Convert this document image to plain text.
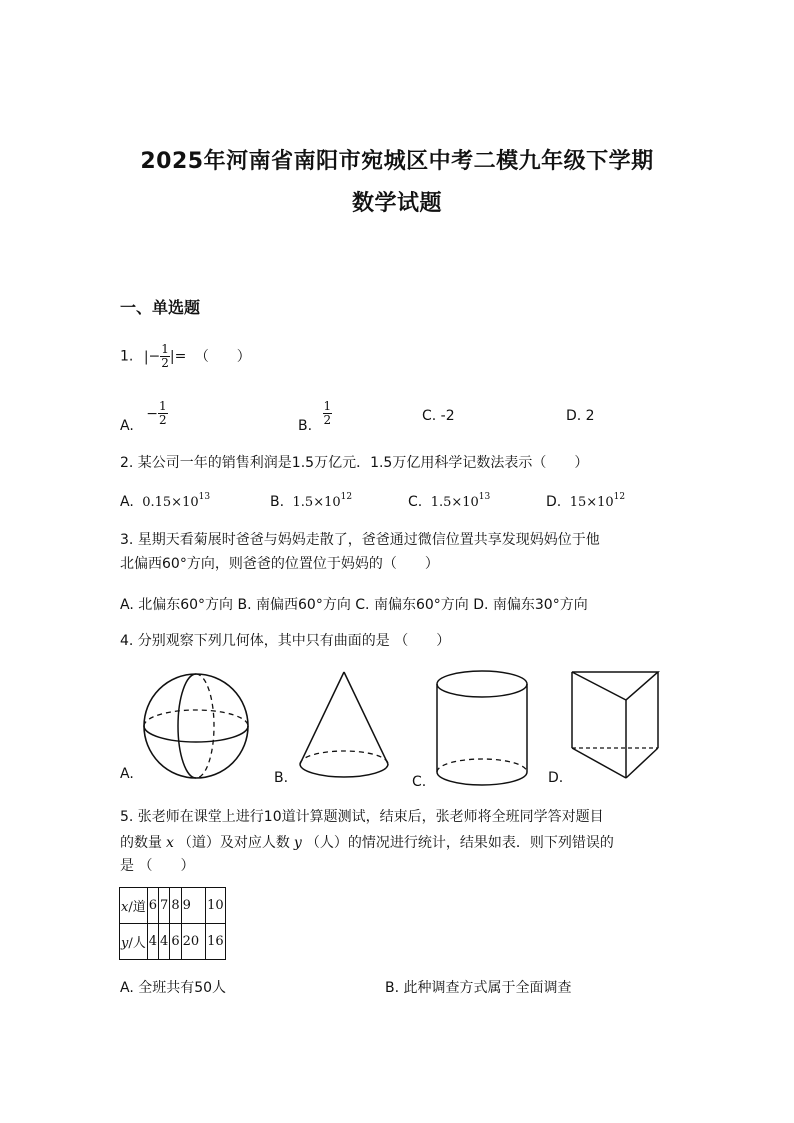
2025年河南省南阳市宛城区中考二模九年级下学期
数学试题
一、单选题
1. |− $\frac{1}{2}$ |= （　　）
A. − $\frac{1}{2}$	B. $\frac{1}{2}$	C. -2	D. 2
2. 某公司一年的销售利润是1.5万亿元．1.5万亿用科学记数法表示（　　）
A. $0.15\times 10^{13}$	B. $1.5\times 10^{12}$	C. $1.5\times 10^{13}$	D. $15\times 10^{12}$
3. 星期天看菊展时爸爸与妈妈走散了，爸爸通过微信位置共享发现妈妈位于他
北偏西60°方向，则爸爸的位置位于妈妈的（　　）
A. 北偏东60°方向 B. 南偏西60°方向 C. 南偏东60°方向 D. 南偏东30°方向
4. 分别观察下列几何体，其中只有曲面的是 （　　）
A.	B.	C.	D.
5. 张老师在课堂上进行10道计算题测试，结束后，张老师将全班同学答对题目
的数量 x （道）及对应人数 y （人）的情况进行统计，结果如表．则下列错误的
是 （　　）
x/道	6	7	8	9	10
y/人	4	4	6	20	16
A. 全班共有50人	B. 此种调查方式属于全面调查
